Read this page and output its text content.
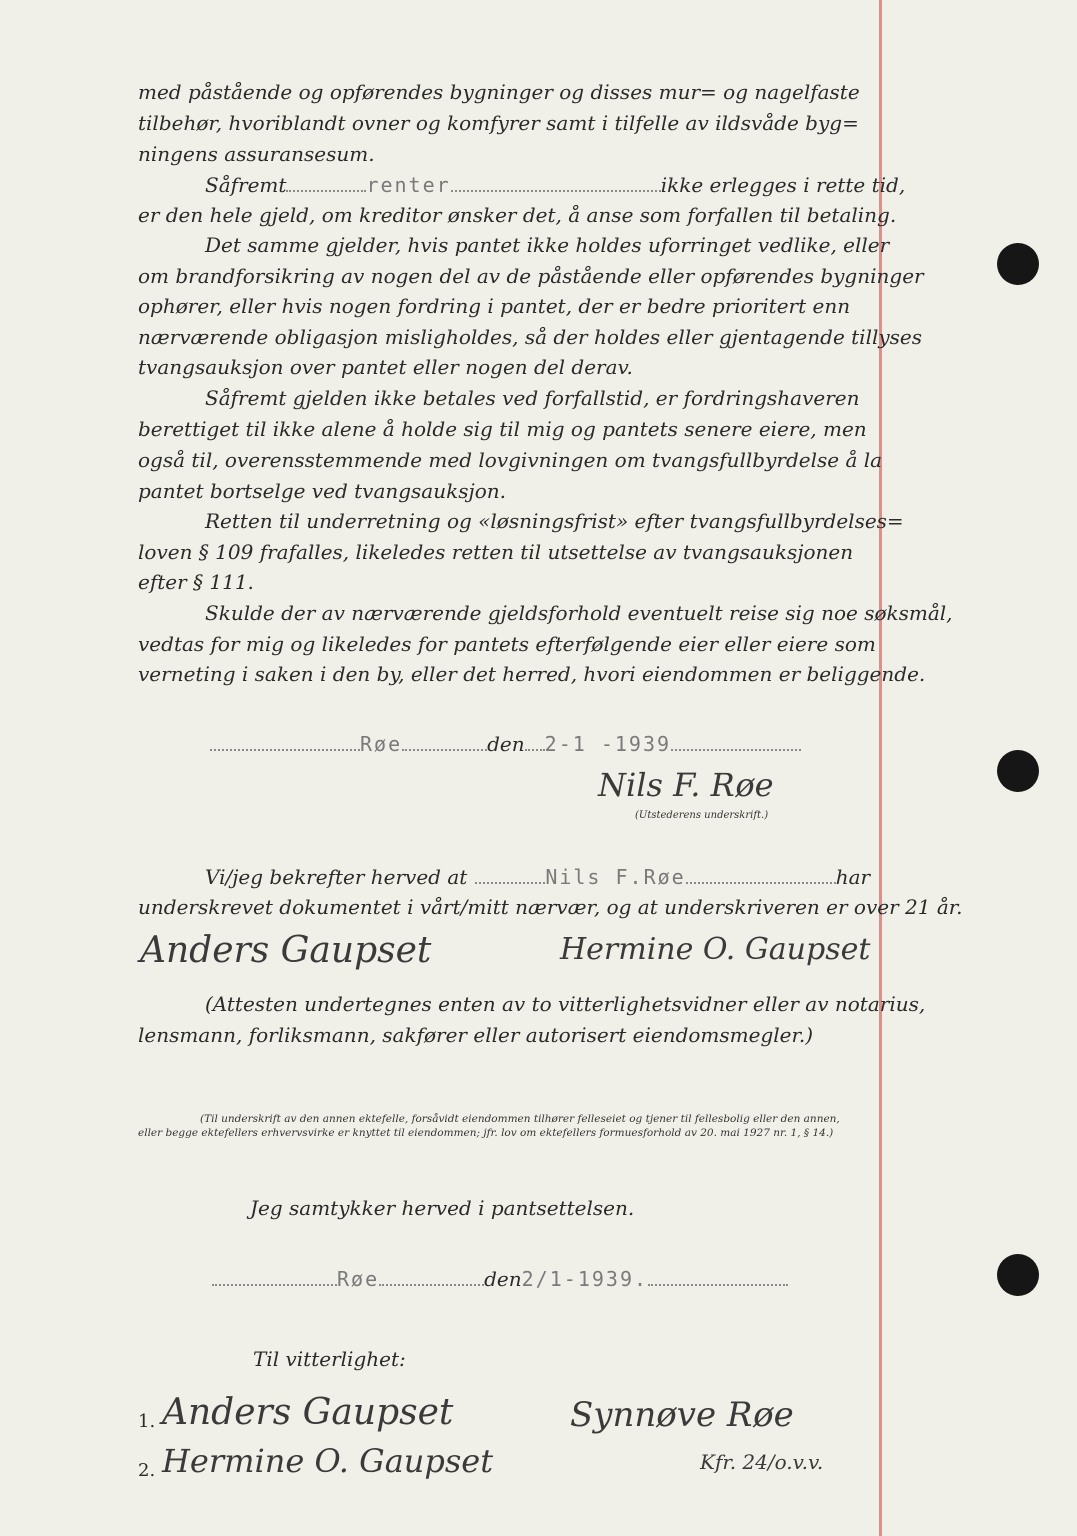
med påstående og opførendes bygninger og disses mur= og nagelfaste
tilbehør, hvoriblandt ovner og komfyrer samt i tilfelle av ildsvåde byg=
ningens assuransesum.
Såfremt	renter	ikke erlegges i rette tid,
er den hele gjeld, om kreditor ønsker det, å anse som forfallen til betaling.
Det samme gjelder, hvis pantet ikke holdes uforringet vedlike, eller
om brandforsikring av nogen del av de påstående eller opførendes bygninger
ophører, eller hvis nogen fordring i pantet, der er bedre prioritert enn
nærværende obligasjon misligholdes, så der holdes eller gjentagende tillyses
tvangsauksjon over pantet eller nogen del derav.
Såfremt gjelden ikke betales ved forfallstid, er fordringshaveren
berettiget til ikke alene å holde sig til mig og pantets senere eiere, men
også til, overensstemmende med lovgivningen om tvangsfullbyrdelse å la
pantet bortselge ved tvangsauksjon.
Retten til underretning og «løsningsfrist» efter tvangsfullbyrdelses=
loven § 109 frafalles, likeledes retten til utsettelse av tvangsauksjonen
efter § 111.
Skulde der av nærværende gjeldsforhold eventuelt reise sig noe søksmål,
vedtas for mig og likeledes for pantets efterfølgende eier eller eiere som
verneting i saken i den by, eller det herred, hvori eiendommen er beliggende.
Røe	den 2-1 -1939
Nils F. Røe
(Utstederens underskrift.)
Vi/jeg bekrefter herved at	Nils F.Røe	har
underskrevet dokumentet i vårt/mitt nærvær, og at underskriveren er over 21 år.
Anders Gaupset	Hermine O. Gaupset
(Attesten undertegnes enten av to vitterlighetsvidner eller av notarius,
lensmann, forliksmann, sakfører eller autorisert eiendomsmegler.)
(Til underskrift av den annen ektefelle, forsåvidt eiendommen tilhører felleseiet og tjener til fellesbolig eller den annen,
eller begge ektefellers erhvervsvirke er knyttet til eiendommen; jfr. lov om ektefellers formuesforhold av 20. mai 1927 nr. 1, § 14.)
Jeg samtykker herved i pantsettelsen.
Røe	den2/1-1939.
Til vitterlighet:
1.
2.
Anders Gaupset
Hermine O. Gaupset
Synnøve Røe
Kfr. 24/o.v.v.
